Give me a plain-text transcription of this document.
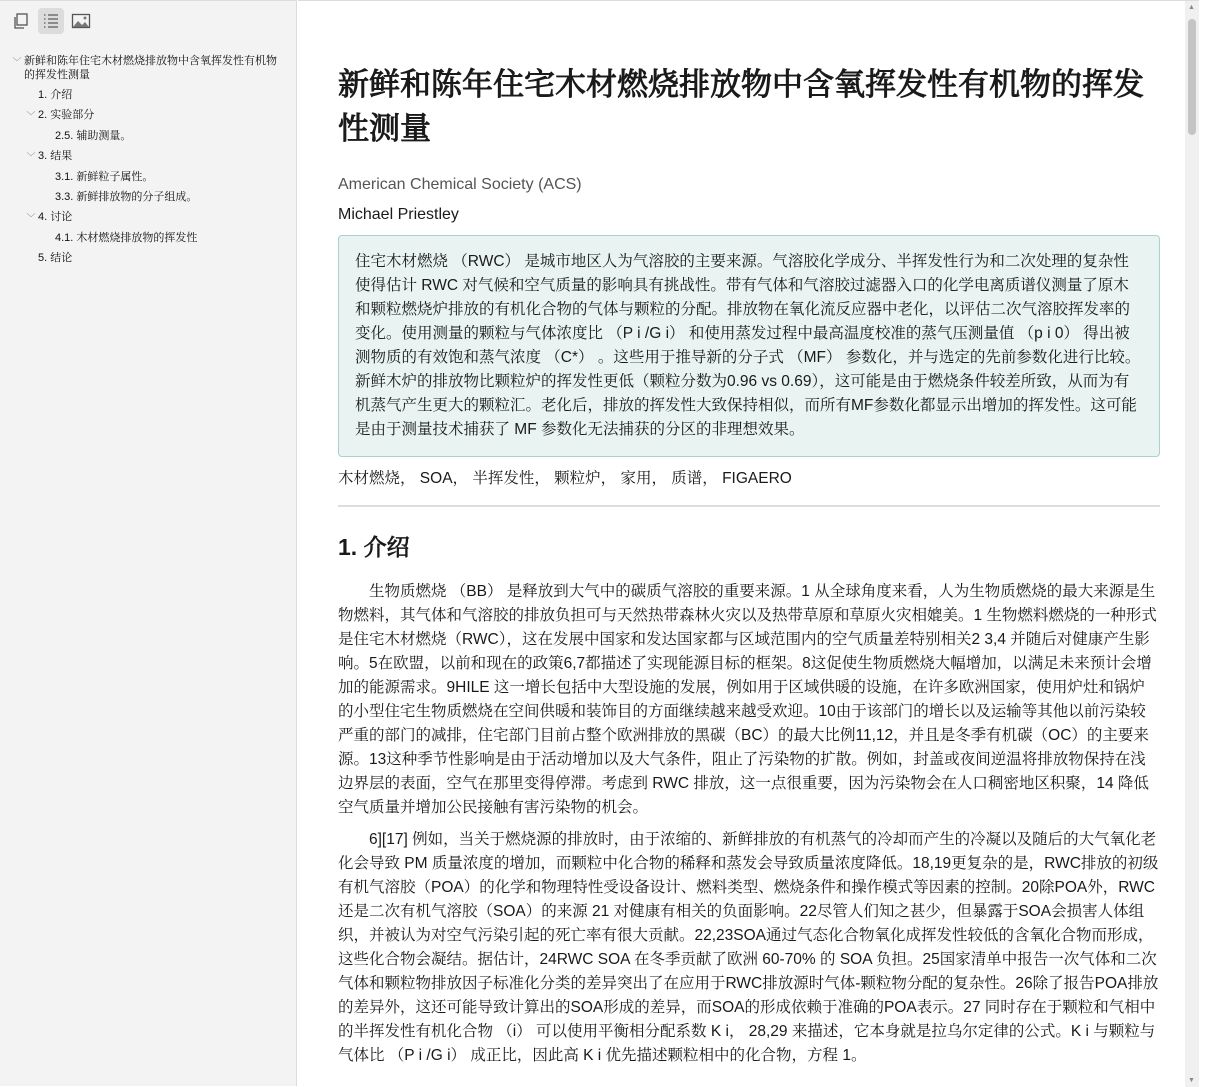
﹀ 新鲜和陈年住宅木材燃烧排放物中含氧挥发性有机物的挥发性测量
1. 介绍
﹀ 2. 实验部分
2.5. 辅助测量。
﹀ 3. 结果
3.1. 新鲜粒子属性。
3.3. 新鲜排放物的分子组成。
﹀ 4. 讨论
4.1. 木材燃烧排放物的挥发性
5. 结论
新鲜和陈年住宅木材燃烧排放物中含氧挥发性有机物的挥发性测量
American Chemical Society (ACS)
Michael Priestley
住宅木材燃烧 （RWC） 是城市地区人为气溶胶的主要来源。气溶胶化学成分、半挥发性行为和二次处理的复杂性使得估计 RWC 对气候和空气质量的影响具有挑战性。带有气体和气溶胶过滤器入口的化学电离质谱仪测量了原木和颗粒燃烧炉排放的有机化合物的气体与颗粒的分配。排放物在氧化流反应器中老化，以评估二次气溶胶挥发率的变化。使用测量的颗粒与气体浓度比 （P i /G i） 和使用蒸发过程中最高温度校准的蒸气压测量值 （p i 0） 得出被测物质的有效饱和蒸气浓度 （C*） 。这些用于推导新的分子式 （MF） 参数化，并与选定的先前参数化进行比较。新鲜木炉的排放物比颗粒炉的挥发性更低（颗粒分数为0.96 vs 0.69），这可能是由于燃烧条件较差所致，从而为有机蒸气产生更大的颗粒汇。老化后，排放的挥发性大致保持相似，而所有MF参数化都显示出增加的挥发性。这可能是由于测量技术捕获了 MF 参数化无法捕获的分区的非理想效果。
木材燃烧， SOA， 半挥发性， 颗粒炉， 家用， 质谱， FIGAERO
1. 介绍

生物质燃烧 （BB） 是释放到大气中的碳质气溶胶的重要来源。1 从全球角度来看，人为生物质燃烧的最大来源是生物燃料，其气体和气溶胶的排放负担可与天然热带森林火灾以及热带草原和草原火灾相媲美。1 生物燃料燃烧的一种形式是住宅木材燃烧（RWC），这在发展中国家和发达国家都与区域范围内的空气质量差特别相关2 3,4 并随后对健康产生影响。5在欧盟，以前和现在的政策6,7都描述了实现能源目标的框架。8这促使生物质燃烧大幅增加，以满足未来预计会增加的能源需求。9HILE 这一增长包括中大型设施的发展，例如用于区域供暖的设施，在许多欧洲国家，使用炉灶和锅炉的小型住宅生物质燃烧在空间供暖和装饰目的方面继续越来越受欢迎。10由于该部门的增长以及运输等其他以前污染较严重的部门的减排，住宅部门目前占整个欧洲排放的黑碳（BC）的最大比例11,12，并且是冬季有机碳（OC）的主要来源。13这种季节性影响是由于活动增加以及大气条件，阻止了污染物的扩散。例如，封盖或夜间逆温将排放物保持在浅边界层的表面，空气在那里变得停滞。考虑到 RWC 排放，这一点很重要，因为污染物会在人口稠密地区积聚，14 降低空气质量并增加公民接触有害污染物的机会。

6][17] 例如，当关于燃烧源的排放时，由于浓缩的、新鲜排放的有机蒸气的冷却而产生的冷凝以及随后的大气氧化老化会导致 PM 质量浓度的增加，而颗粒中化合物的稀释和蒸发会导致质量浓度降低。18,19更复杂的是，RWC排放的初级有机气溶胶（POA）的化学和物理特性受设备设计、燃料类型、燃烧条件和操作模式等因素的控制。20除POA外，RWC还是二次有机气溶胶（SOA）的来源 21 对健康有相关的负面影响。22尽管人们知之甚少，但暴露于SOA会损害人体组织，并被认为对空气污染引起的死亡率有很大贡献。22,23SOA通过气态化合物氧化成挥发性较低的含氧化合物而形成，这些化合物会凝结。据估计，24RWC SOA 在冬季贡献了欧洲 60-70% 的 SOA 负担。25国家清单中报告一次气体和二次气体和颗粒物排放因子标准化分类的差异突出了在应用于RWC排放源时气体-颗粒物分配的复杂性。26除了报告POA排放的差异外，这还可能导致计算出的SOA形成的差异，而SOA的形成依赖于准确的POA表示。27 同时存在于颗粒和气相中的半挥发性有机化合物 （i） 可以使用平衡相分配系数 K i， 28,29 来描述，它本身就是拉乌尔定律的公式。K i 与颗粒与气体比 （P i /G i） 成正比，因此高 K i 优先描述颗粒相中的化合物，方程 1。

▲
▼
